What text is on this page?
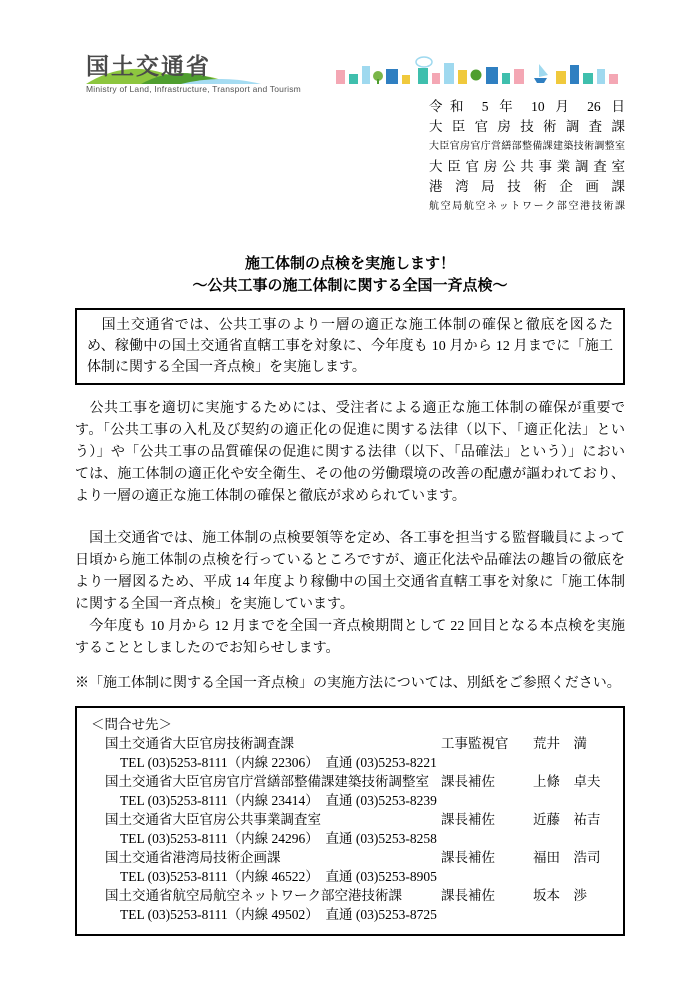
国土交通省
Ministry of Land, Infrastructure, Transport and Tourism
令和 5 年 10 月 26 日
大臣官房技術調査課
大臣官房官庁営繕部整備課建築技術調整室
大臣官房公共事業調査室
港湾局技術企画課
航空局航空ネットワーク部空港技術課
施工体制の点検を実施します！
～公共工事の施工体制に関する全国一斉点検～

　国土交通省では、公共工事のより一層の適正な施工体制の確保と徹底を図るため、稼働中の国土交通省直轄工事を対象に、今年度も 10 月から 12 月までに「施工体制に関する全国一斉点検」を実施します。

　公共工事を適切に実施するためには、受注者による適正な施工体制の確保が重要です。「公共工事の入札及び契約の適正化の促進に関する法律（以下、「適正化法」という）」や「公共工事の品質確保の促進に関する法律（以下、「品確法」という）」においては、施工体制の適正化や安全衛生、その他の労働環境の改善の配慮が謳われており、より一層の適正な施工体制の確保と徹底が求められています。

　国土交通省では、施工体制の点検要領等を定め、各工事を担当する監督職員によって日頃から施工体制の点検を行っているところですが、適正化法や品確法の趣旨の徹底をより一層図るため、平成 14 年度より稼働中の国土交通省直轄工事を対象に「施工体制に関する全国一斉点検」を実施しています。

　今年度も 10 月から 12 月までを全国一斉点検期間として 22 回目となる本点検を実施することとしましたのでお知らせします。

※「施工体制に関する全国一斉点検」の実施方法については、別紙をご参照ください。

＜問合せ先＞
国土交通省大臣官房技術調査課	工事監視官	荒井　満
TEL (03)5253-8111（内線 22306）　直通 (03)5253-8221
国土交通省大臣官房官庁営繕部整備課建築技術調整室 課長補佐	上條　卓夫
TEL (03)5253-8111（内線 23414）　直通 (03)5253-8239
国土交通省大臣官房公共事業調査室	課長補佐	近藤　祐吉
TEL (03)5253-8111（内線 24296）　直通 (03)5253-8258
国土交通省港湾局技術企画課	課長補佐	福田　浩司
TEL (03)5253-8111（内線 46522）　直通 (03)5253-8905
国土交通省航空局航空ネットワーク部空港技術課	課長補佐	坂本　渉
TEL (03)5253-8111（内線 49502）　直通 (03)5253-8725
